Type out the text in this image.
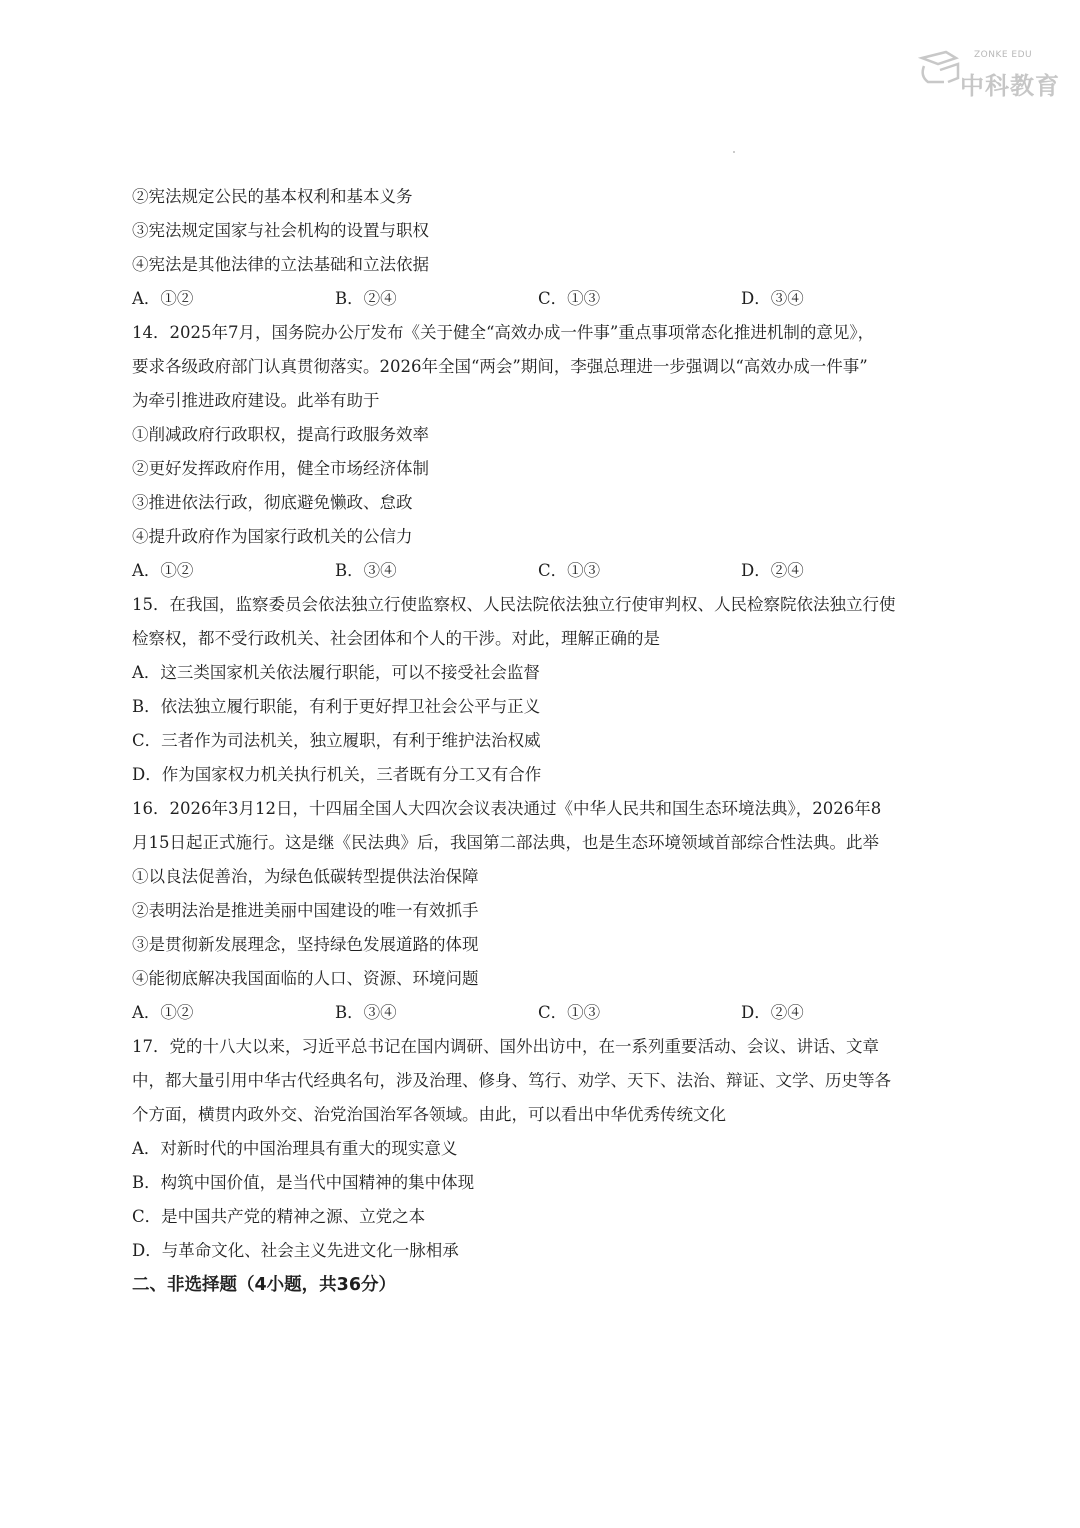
ZONKE EDU
中科教育
②宪法规定公民的基本权利和基本义务
③宪法规定国家与社会机构的设置与职权
④宪法是其他法律的立法基础和立法依据
A．①②	B．②④	C．①③	D．③④
14．2025年7月，国务院办公厅发布《关于健全“高效办成一件事”重点事项常态化推进机制的意见》，
要求各级政府部门认真贯彻落实。2026年全国“两会”期间，李强总理进一步强调以“高效办成一件事”
为牵引推进政府建设。此举有助于
①削减政府行政职权，提高行政服务效率
②更好发挥政府作用，健全市场经济体制
③推进依法行政，彻底避免懒政、怠政
④提升政府作为国家行政机关的公信力
A．①②	B．③④	C．①③	D．②④
15．在我国，监察委员会依法独立行使监察权、人民法院依法独立行使审判权、人民检察院依法独立行使
检察权，都不受行政机关、社会团体和个人的干涉。对此，理解正确的是
A．这三类国家机关依法履行职能，可以不接受社会监督
B．依法独立履行职能，有利于更好捍卫社会公平与正义
C．三者作为司法机关，独立履职，有利于维护法治权威
D．作为国家权力机关执行机关，三者既有分工又有合作
16．2026年3月12日，十四届全国人大四次会议表决通过《中华人民共和国生态环境法典》，2026年8
月15日起正式施行。这是继《民法典》后，我国第二部法典，也是生态环境领域首部综合性法典。此举
①以良法促善治，为绿色低碳转型提供法治保障
②表明法治是推进美丽中国建设的唯一有效抓手
③是贯彻新发展理念，坚持绿色发展道路的体现
④能彻底解决我国面临的人口、资源、环境问题
A．①②	B．③④	C．①③	D．②④
17．党的十八大以来，习近平总书记在国内调研、国外出访中，在一系列重要活动、会议、讲话、文章
中，都大量引用中华古代经典名句，涉及治理、修身、笃行、劝学、天下、法治、辩证、文学、历史等各
个方面，横贯内政外交、治党治国治军各领域。由此，可以看出中华优秀传统文化
A．对新时代的中国治理具有重大的现实意义
B．构筑中国价值，是当代中国精神的集中体现
C．是中国共产党的精神之源、立党之本
D．与革命文化、社会主义先进文化一脉相承
二、非选择题（4小题，共36分）
